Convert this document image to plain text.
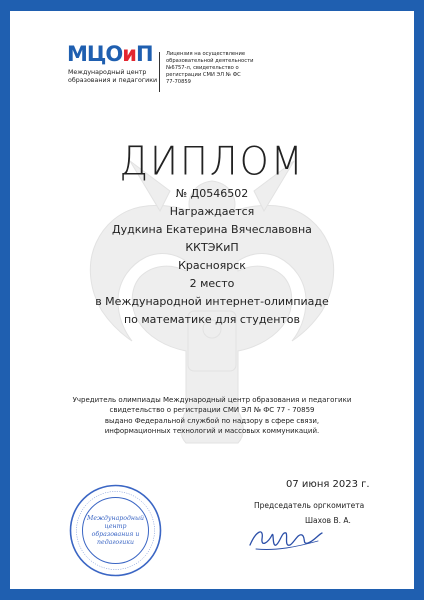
МЦОиП
Международный центр
образования и педагогики
Лицензия на осуществление
образовательной деятельности
№6757-л, свидетельство о
регистрации СМИ ЭЛ № ФС
77-70859
ДИПЛОМ
№ Д0546502
Награждается
Дудкина Екатерина Вячеславовна
ККТЭКиП
Красноярск
2 место
в Международной интернет-олимпиаде
по математике для студентов
Учредитель олимпиады Международный центр образования и педагогики
свидетельство о регистрации СМИ ЭЛ № ФС 77 - 70859
выдано Федеральной службой по надзору в сфере связи,
информационных технологий и массовых коммуникаций.
07 июня 2023 г.
Председатель оргкомитета
Шахов В. А.
Международный
центр
образования и
педагогики
